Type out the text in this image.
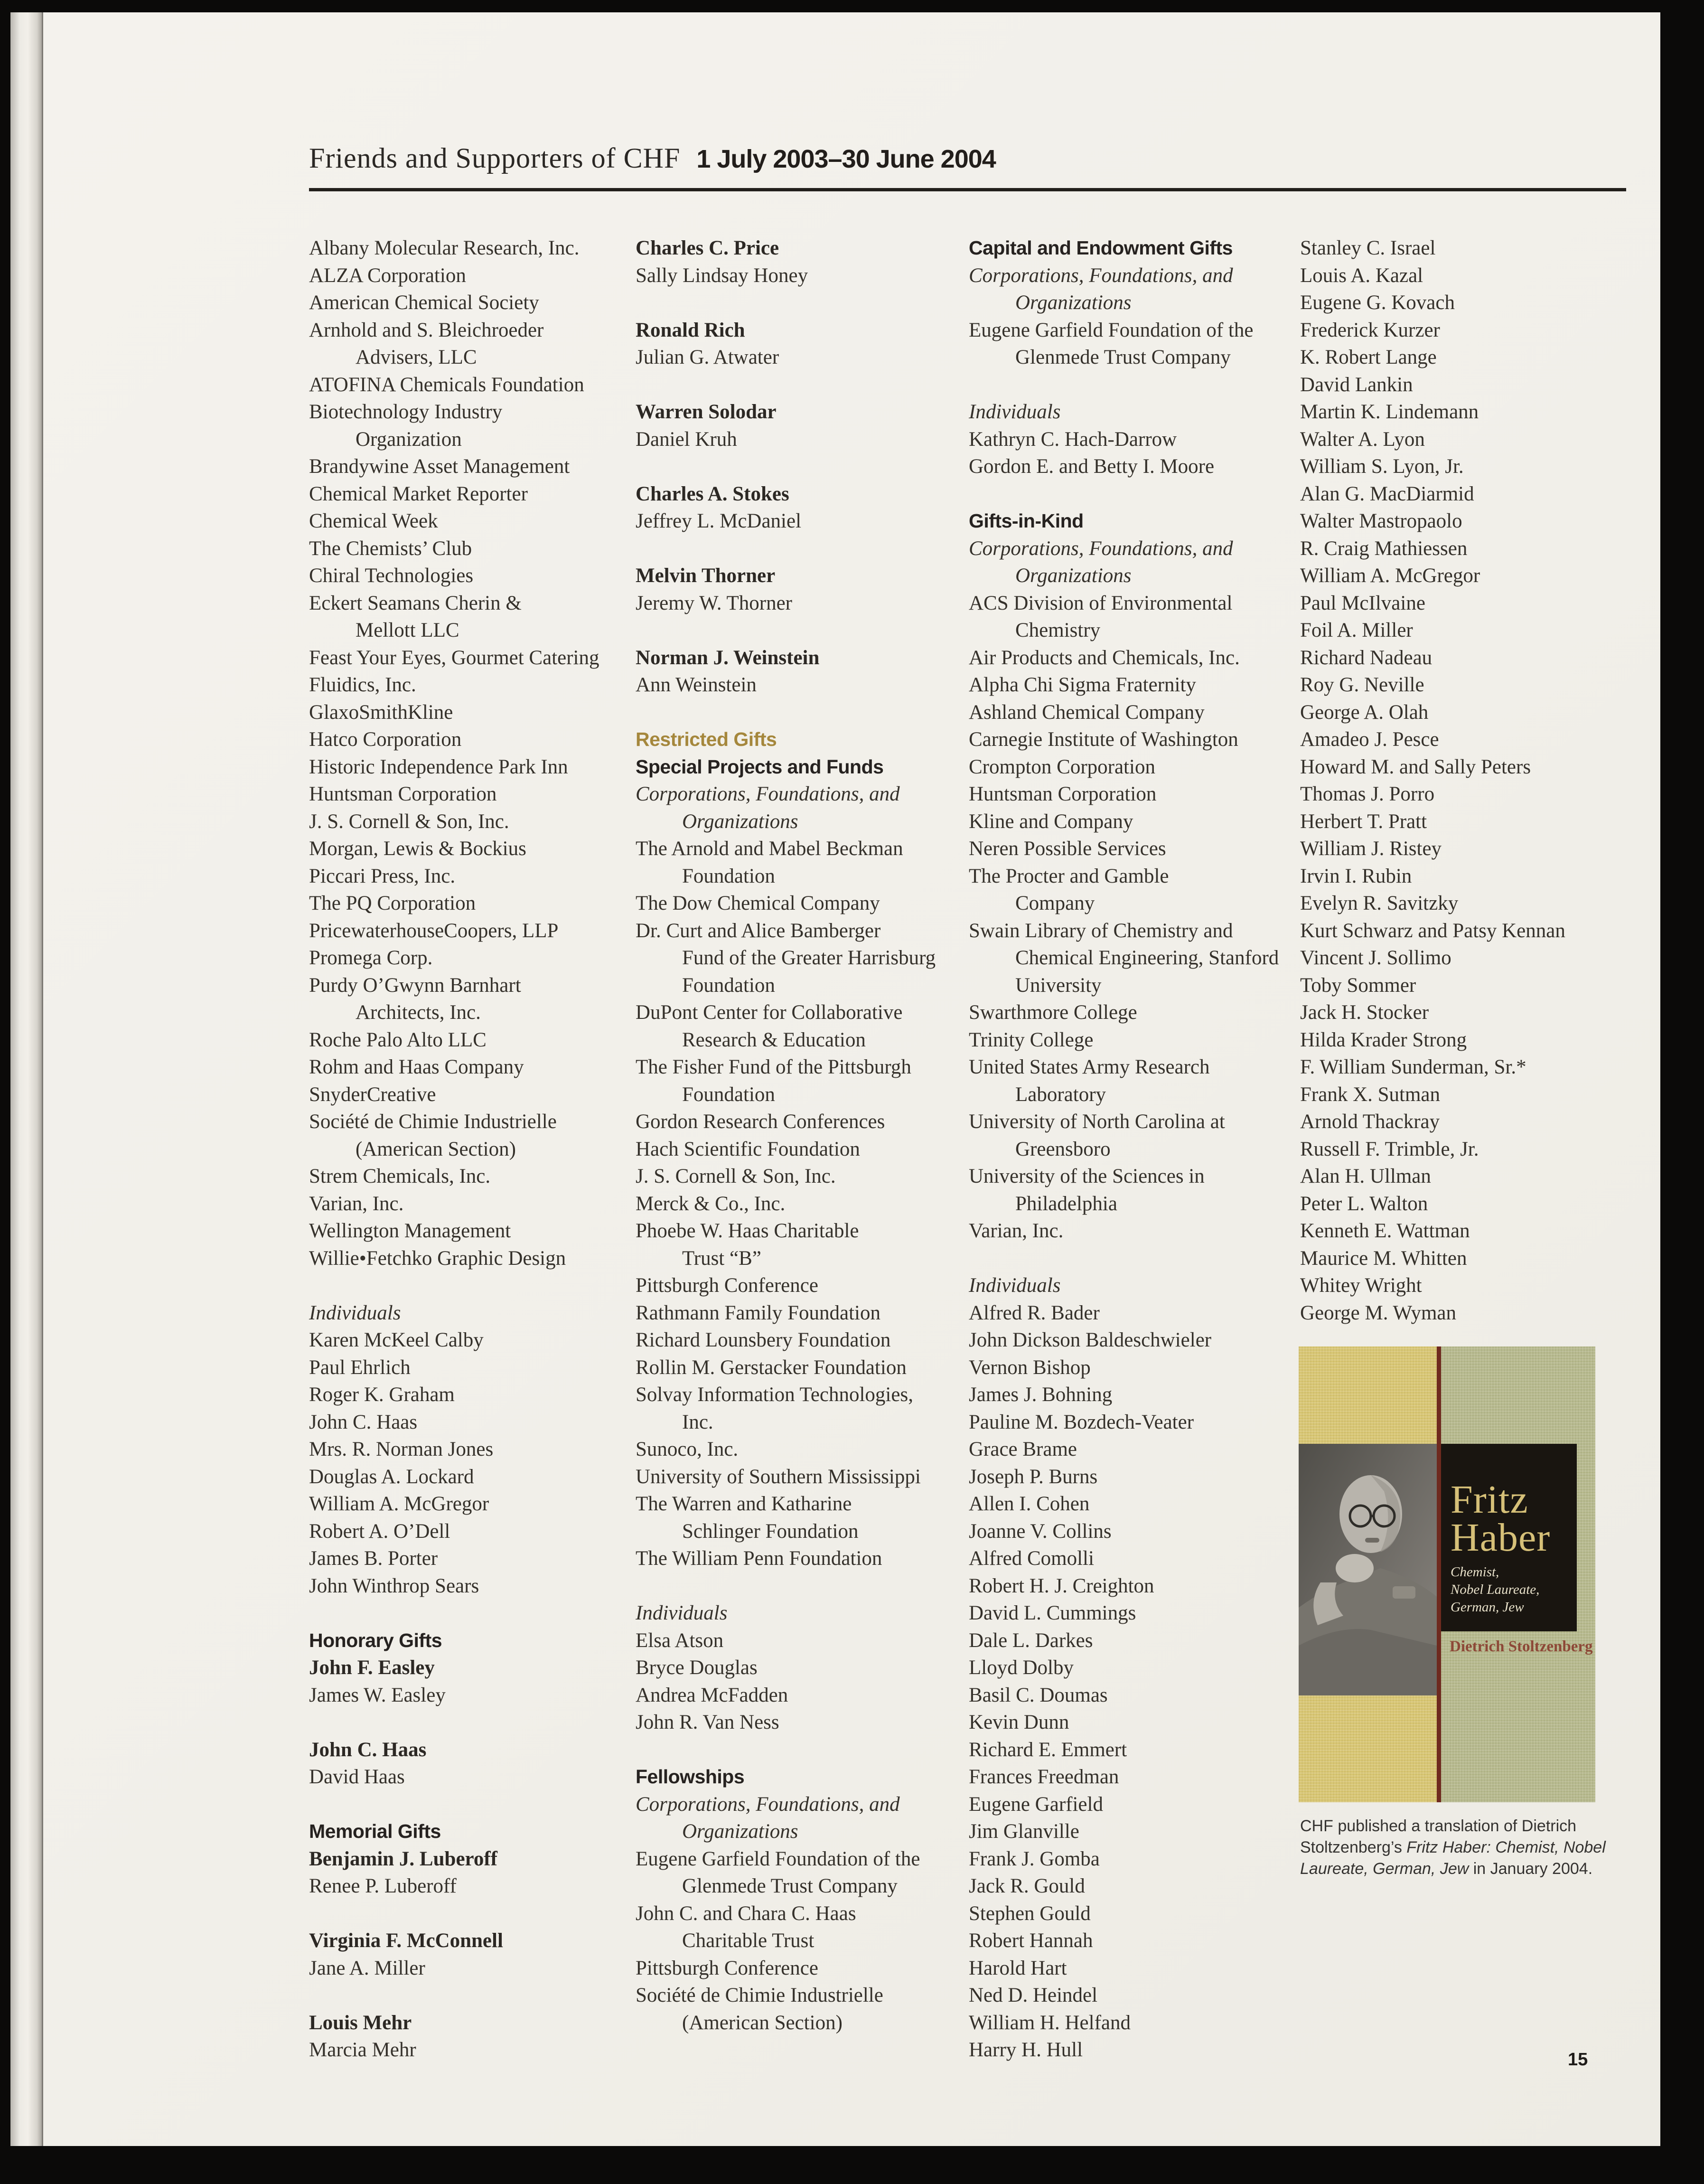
Friends and Supporters of CHF 1 July 2003–30 June 2004
Albany Molecular Research, Inc.
ALZA Corporation
American Chemical Society
Arnhold and S. Bleichroeder
Advisers, LLC
ATOFINA Chemicals Foundation
Biotechnology Industry
Organization
Brandywine Asset Management
Chemical Market Reporter
Chemical Week
The Chemists’ Club
Chiral Technologies
Eckert Seamans Cherin &
Mellott LLC
Feast Your Eyes, Gourmet Catering
Fluidics, Inc.
GlaxoSmithKline
Hatco Corporation
Historic Independence Park Inn
Huntsman Corporation
J. S. Cornell & Son, Inc.
Morgan, Lewis & Bockius
Piccari Press, Inc.
The PQ Corporation
PricewaterhouseCoopers, LLP
Promega Corp.
Purdy O’Gwynn Barnhart
Architects, Inc.
Roche Palo Alto LLC
Rohm and Haas Company
SnyderCreative
Société de Chimie Industrielle
(American Section)
Strem Chemicals, Inc.
Varian, Inc.
Wellington Management
Willie•Fetchko Graphic Design

Individuals
Karen McKeel Calby
Paul Ehrlich
Roger K. Graham
John C. Haas
Mrs. R. Norman Jones
Douglas A. Lockard
William A. McGregor
Robert A. O’Dell
James B. Porter
John Winthrop Sears

Honorary Gifts
John F. Easley
James W. Easley

John C. Haas
David Haas

Memorial Gifts
Benjamin J. Luberoff
Renee P. Luberoff

Virginia F. McConnell
Jane A. Miller

Louis Mehr
Marcia Mehr
Charles C. Price
Sally Lindsay Honey

Ronald Rich
Julian G. Atwater

Warren Solodar
Daniel Kruh

Charles A. Stokes
Jeffrey L. McDaniel

Melvin Thorner
Jeremy W. Thorner

Norman J. Weinstein
Ann Weinstein

Restricted Gifts
Special Projects and Funds
Corporations, Foundations, and
Organizations
The Arnold and Mabel Beckman
Foundation
The Dow Chemical Company
Dr. Curt and Alice Bamberger
Fund of the Greater Harrisburg
Foundation
DuPont Center for Collaborative
Research & Education
The Fisher Fund of the Pittsburgh
Foundation
Gordon Research Conferences
Hach Scientific Foundation
J. S. Cornell & Son, Inc.
Merck & Co., Inc.
Phoebe W. Haas Charitable
Trust “B”
Pittsburgh Conference
Rathmann Family Foundation
Richard Lounsbery Foundation
Rollin M. Gerstacker Foundation
Solvay Information Technologies,
Inc.
Sunoco, Inc.
University of Southern Mississippi
The Warren and Katharine
Schlinger Foundation
The William Penn Foundation

Individuals
Elsa Atson
Bryce Douglas
Andrea McFadden
John R. Van Ness

Fellowships
Corporations, Foundations, and
Organizations
Eugene Garfield Foundation of the
Glenmede Trust Company
John C. and Chara C. Haas
Charitable Trust
Pittsburgh Conference
Société de Chimie Industrielle
(American Section)
Capital and Endowment Gifts
Corporations, Foundations, and
Organizations
Eugene Garfield Foundation of the
Glenmede Trust Company

Individuals
Kathryn C. Hach-Darrow
Gordon E. and Betty I. Moore

Gifts-in-Kind
Corporations, Foundations, and
Organizations
ACS Division of Environmental
Chemistry
Air Products and Chemicals, Inc.
Alpha Chi Sigma Fraternity
Ashland Chemical Company
Carnegie Institute of Washington
Crompton Corporation
Huntsman Corporation
Kline and Company
Neren Possible Services
The Procter and Gamble
Company
Swain Library of Chemistry and
Chemical Engineering, Stanford
University
Swarthmore College
Trinity College
United States Army Research
Laboratory
University of North Carolina at
Greensboro
University of the Sciences in
Philadelphia
Varian, Inc.

Individuals
Alfred R. Bader
John Dickson Baldeschwieler
Vernon Bishop
James J. Bohning
Pauline M. Bozdech-Veater
Grace Brame
Joseph P. Burns
Allen I. Cohen
Joanne V. Collins
Alfred Comolli
Robert H. J. Creighton
David L. Cummings
Dale L. Darkes
Lloyd Dolby
Basil C. Doumas
Kevin Dunn
Richard E. Emmert
Frances Freedman
Eugene Garfield
Jim Glanville
Frank J. Gomba
Jack R. Gould
Stephen Gould
Robert Hannah
Harold Hart
Ned D. Heindel
William H. Helfand
Harry H. Hull
Stanley C. Israel
Louis A. Kazal
Eugene G. Kovach
Frederick Kurzer
K. Robert Lange
David Lankin
Martin K. Lindemann
Walter A. Lyon
William S. Lyon, Jr.
Alan G. MacDiarmid
Walter Mastropaolo
R. Craig Mathiessen
William A. McGregor
Paul McIlvaine
Foil A. Miller
Richard Nadeau
Roy G. Neville
George A. Olah
Amadeo J. Pesce
Howard M. and Sally Peters
Thomas J. Porro
Herbert T. Pratt
William J. Ristey
Irvin I. Rubin
Evelyn R. Savitzky
Kurt Schwarz and Patsy Kennan
Vincent J. Sollimo
Toby Sommer
Jack H. Stocker
Hilda Krader Strong
F. William Sunderman, Sr.*
Frank X. Sutman
Arnold Thackray
Russell F. Trimble, Jr.
Alan H. Ullman
Peter L. Walton
Kenneth E. Wattman
Maurice M. Whitten
Whitey Wright
George M. Wyman
Fritz
Haber
Chemist,
Nobel Laureate,
German, Jew
Dietrich Stoltzenberg

CHF published a translation of Dietrich Stoltzenberg’s Fritz Haber: Chemist, Nobel Laureate, German, Jew in January 2004.

15
